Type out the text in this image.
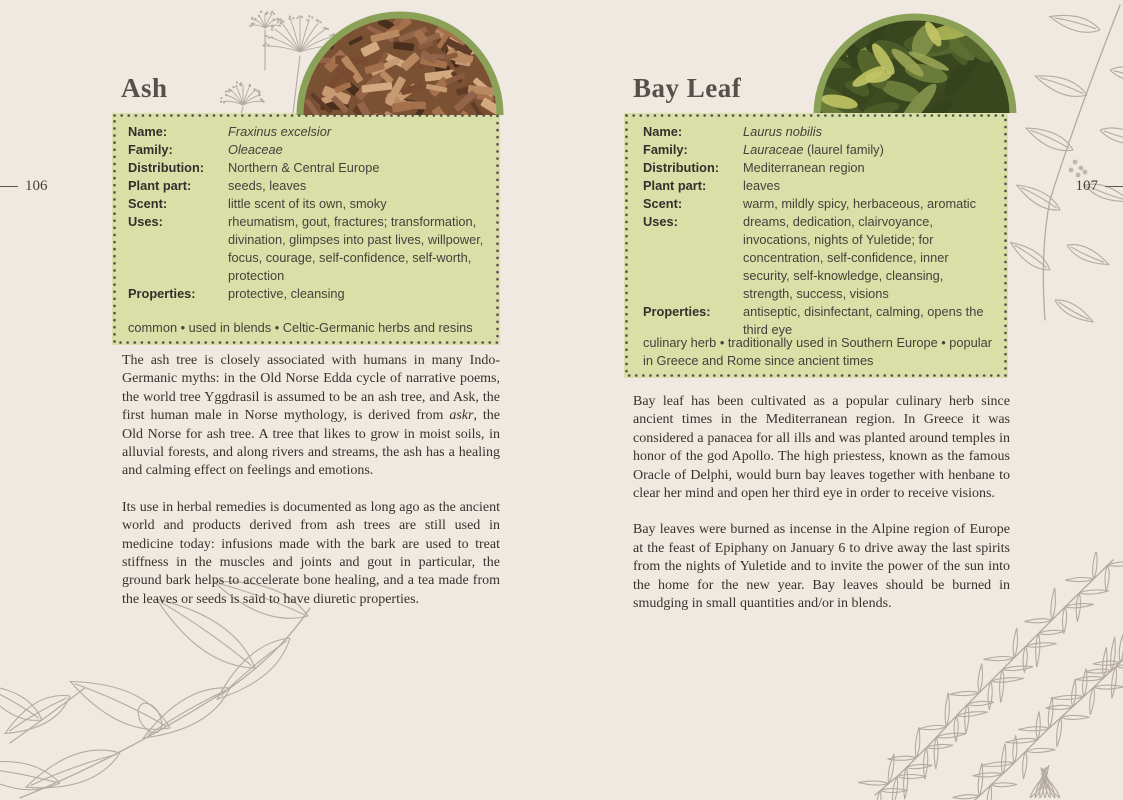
106	107
Ash	Bay Leaf
Name:	Fraxinus excelsior
Family:	Oleaceae
Distribution:	Northern & Central Europe
Plant part:	seeds, leaves
Scent:	little scent of its own, smoky
Uses:	rheumatism, gout, fractures; transformation, divination, glimpses into past lives, willpower, focus, courage, self-confidence, self-worth, protection
Properties:	protective, cleansing
common • used in blends • Celtic-Germanic herbs and resins
Name:	Laurus nobilis
Family:	Lauraceae (laurel family)
Distribution:	Mediterranean region
Plant part:	leaves
Scent:	warm, mildly spicy, herbaceous, aromatic
Uses:	dreams, dedication, clairvoyance, invocations, nights of Yuletide; for concentration, self-confidence, inner security, self-knowledge, cleansing, strength, success, visions
Properties:	antiseptic, disinfectant, calming, opens the third eye
culinary herb • traditionally used in Southern Europe • popular in Greece and Rome since ancient times

The ash tree is closely associated with humans in many Indo-Germanic myths: in the Old Norse Edda cycle of narrative poems, the world tree Yggdrasil is assumed to be an ash tree, and Ask, the first human male in Norse mythology, is derived from askr, the Old Norse for ash tree. A tree that likes to grow in moist soils, in alluvial forests, and along rivers and streams, the ash has a healing and calming effect on feelings and emotions.

Its use in herbal remedies is documented as long ago as the ancient world and products derived from ash trees are still used in medicine today: infusions made with the bark are used to treat stiffness in the muscles and joints and gout in particular, the ground bark helps to accelerate bone healing, and a tea made from the leaves or seeds is said to have diuretic properties.

Bay leaf has been cultivated as a popular culinary herb since ancient times in the Mediterranean region. In Greece it was considered a panacea for all ills and was planted around temples in honor of the god Apollo. The high priestess, known as the famous Oracle of Delphi, would burn bay leaves together with henbane to clear her mind and open her third eye in order to receive visions.

Bay leaves were burned as incense in the Alpine region of Europe at the feast of Epiphany on January 6 to drive away the last spirits from the nights of Yuletide and to invite the power of the sun into the home for the new year. Bay leaves should be burned in smudging in small quantities and/or in blends.
